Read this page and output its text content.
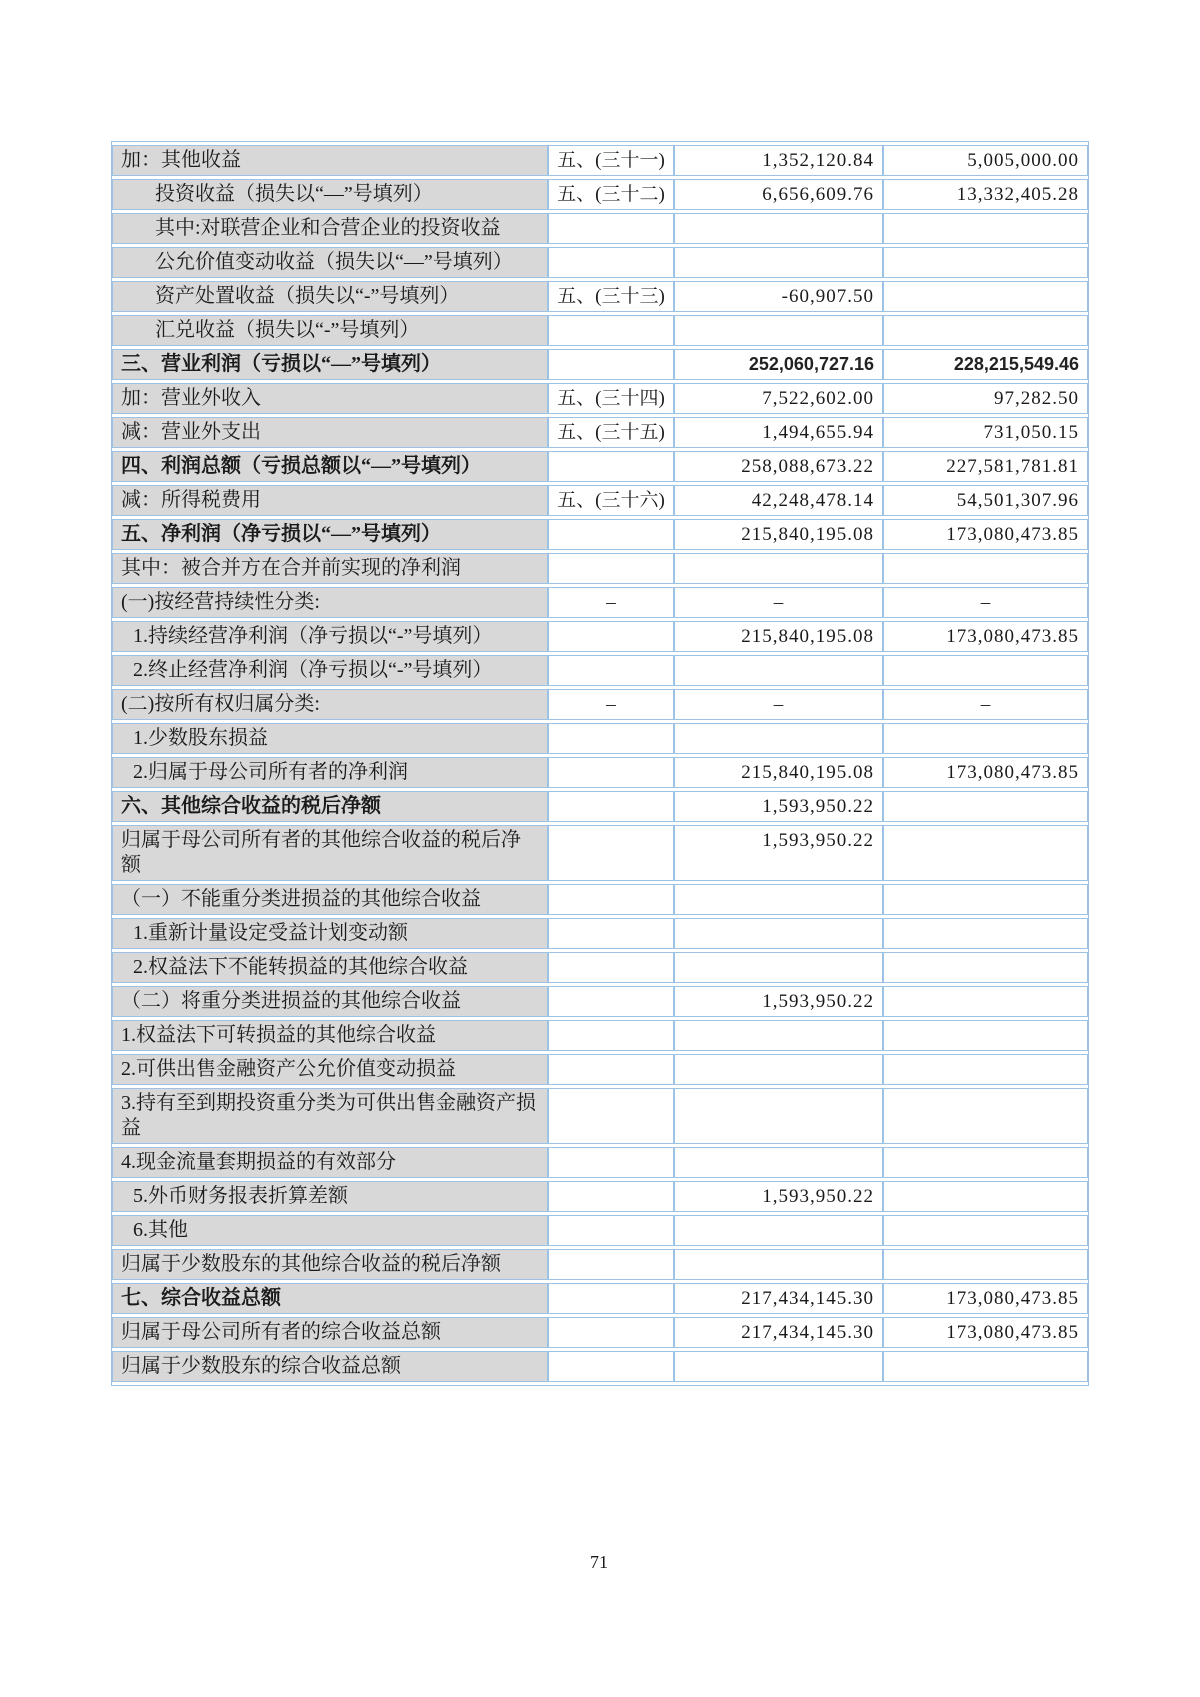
加：其他收益	五、(三十一)	1,352,120.84	5,005,000.00
投资收益（损失以“—”号填列）	五、(三十二)	6,656,609.76	13,332,405.28
其中:对联营企业和合营企业的投资收益			
公允价值变动收益（损失以“—”号填列）			
资产处置收益（损失以“-”号填列）	五、(三十三)	-60,907.50	
汇兑收益（损失以“-”号填列）			
三、营业利润（亏损以“—”号填列）		252,060,727.16	228,215,549.46
加：营业外收入	五、(三十四)	7,522,602.00	97,282.50
减：营业外支出	五、(三十五)	1,494,655.94	731,050.15
四、利润总额（亏损总额以“—”号填列）		258,088,673.22	227,581,781.81
减：所得税费用	五、(三十六)	42,248,478.14	54,501,307.96
五、净利润（净亏损以“—”号填列）		215,840,195.08	173,080,473.85
其中：被合并方在合并前实现的净利润			
(一)按经营持续性分类:	–	–	–
1.持续经营净利润（净亏损以“-”号填列）		215,840,195.08	173,080,473.85
2.终止经营净利润（净亏损以“-”号填列）			
(二)按所有权归属分类:	–	–	–
1.少数股东损益			
2.归属于母公司所有者的净利润		215,840,195.08	173,080,473.85
六、其他综合收益的税后净额		1,593,950.22	
归属于母公司所有者的其他综合收益的税后净额		1,593,950.22	
（一）不能重分类进损益的其他综合收益			
1.重新计量设定受益计划变动额			
2.权益法下不能转损益的其他综合收益			
（二）将重分类进损益的其他综合收益		1,593,950.22	
1.权益法下可转损益的其他综合收益			
2.可供出售金融资产公允价值变动损益			
3.持有至到期投资重分类为可供出售金融资产损益			
4.现金流量套期损益的有效部分			
5.外币财务报表折算差额		1,593,950.22	
6.其他			
归属于少数股东的其他综合收益的税后净额			
七、综合收益总额		217,434,145.30	173,080,473.85
归属于母公司所有者的综合收益总额		217,434,145.30	173,080,473.85
归属于少数股东的综合收益总额			
71
